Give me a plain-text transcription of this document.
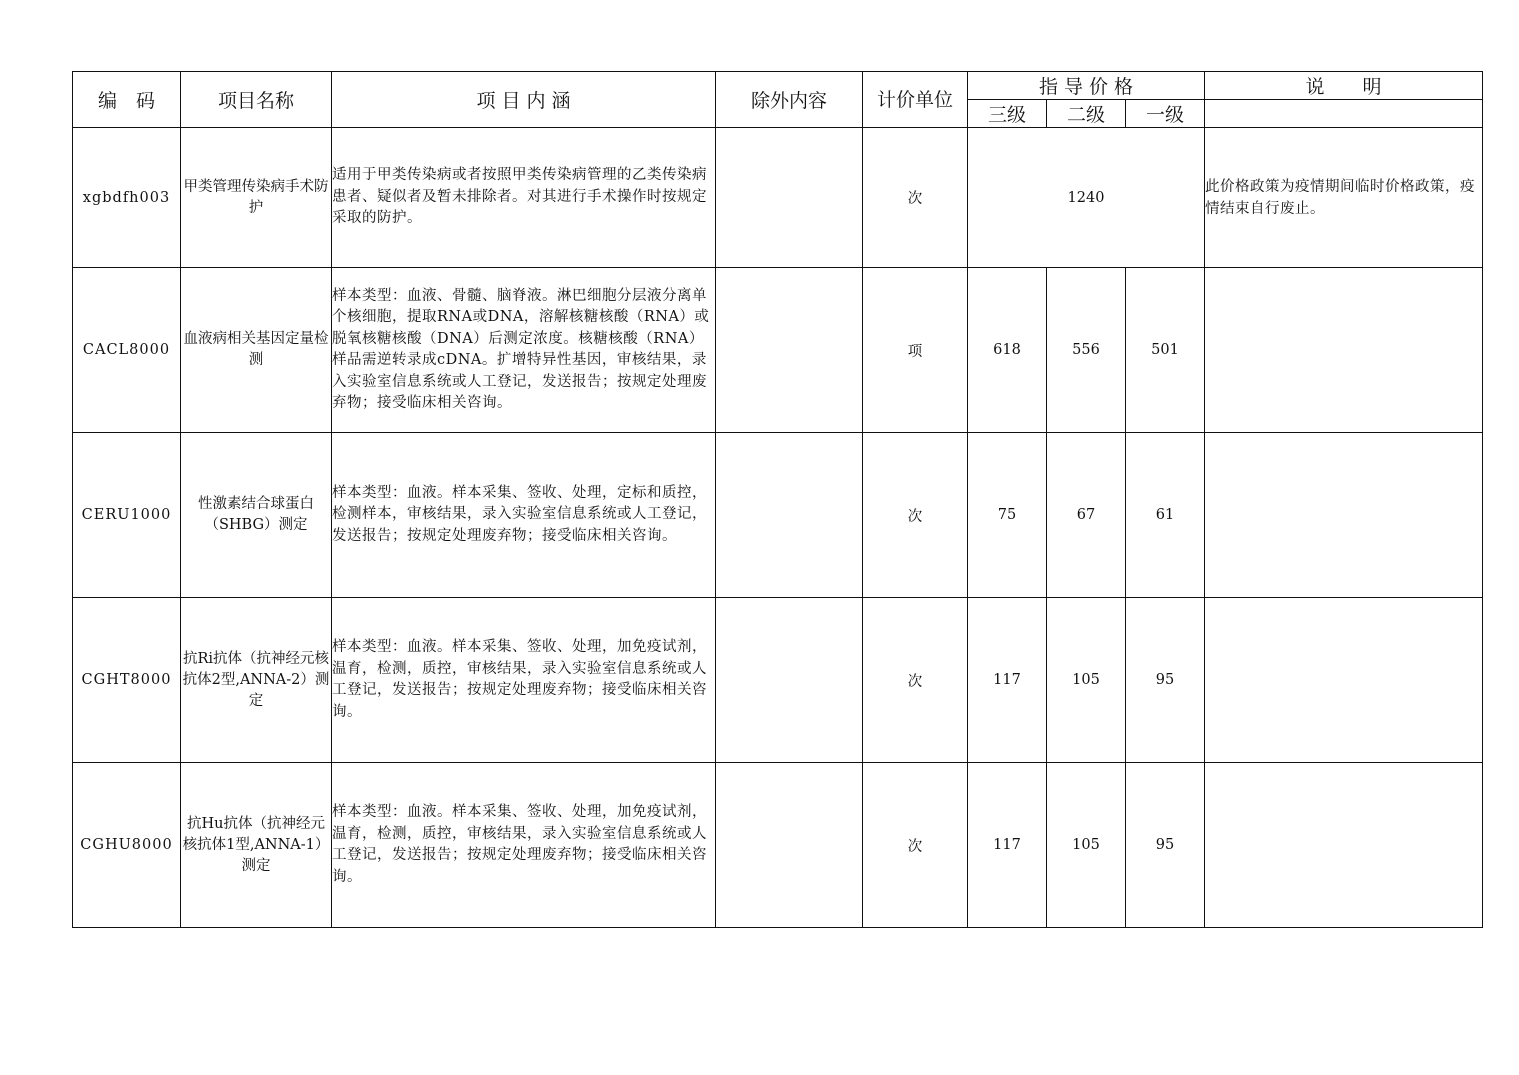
编　码	项目名称	项 目 内 涵	除外内容	计价单位	指 导 价 格			说　　明
					三级	二级	一级	
xgbdfh003	甲类管理传染病手术防护	适用于甲类传染病或者按照甲类传染病管理的乙类传染病患者、疑似者及暂未排除者。对其进行手术操作时按规定采取的防护。		次	1240			此价格政策为疫情期间临时价格政策，疫情结束自行废止。
CACL8000	血液病相关基因定量检测	样本类型：血液、骨髓、脑脊液。淋巴细胞分层液分离单个核细胞，提取RNA或DNA，溶解核糖核酸（RNA）或脱氧核糖核酸（DNA）后测定浓度。核糖核酸（RNA）样品需逆转录成cDNA。扩增特异性基因，审核结果，录入实验室信息系统或人工登记，发送报告；按规定处理废弃物；接受临床相关咨询。		项	618	556	501	
CERU1000	性激素结合球蛋白（SHBG）测定	样本类型：血液。样本采集、签收、处理，定标和质控，检测样本，审核结果，录入实验室信息系统或人工登记，发送报告；按规定处理废弃物；接受临床相关咨询。		次	75	67	61	
CGHT8000	抗Ri抗体（抗神经元核抗体2型,ANNA-2）测定	样本类型：血液。样本采集、签收、处理，加免疫试剂，温育，检测，质控，审核结果，录入实验室信息系统或人工登记，发送报告；按规定处理废弃物；接受临床相关咨询。		次	117	105	95	
CGHU8000	抗Hu抗体（抗神经元核抗体1型,ANNA-1）测定	样本类型：血液。样本采集、签收、处理，加免疫试剂，温育，检测，质控，审核结果，录入实验室信息系统或人工登记，发送报告；按规定处理废弃物；接受临床相关咨询。		次	117	105	95	
